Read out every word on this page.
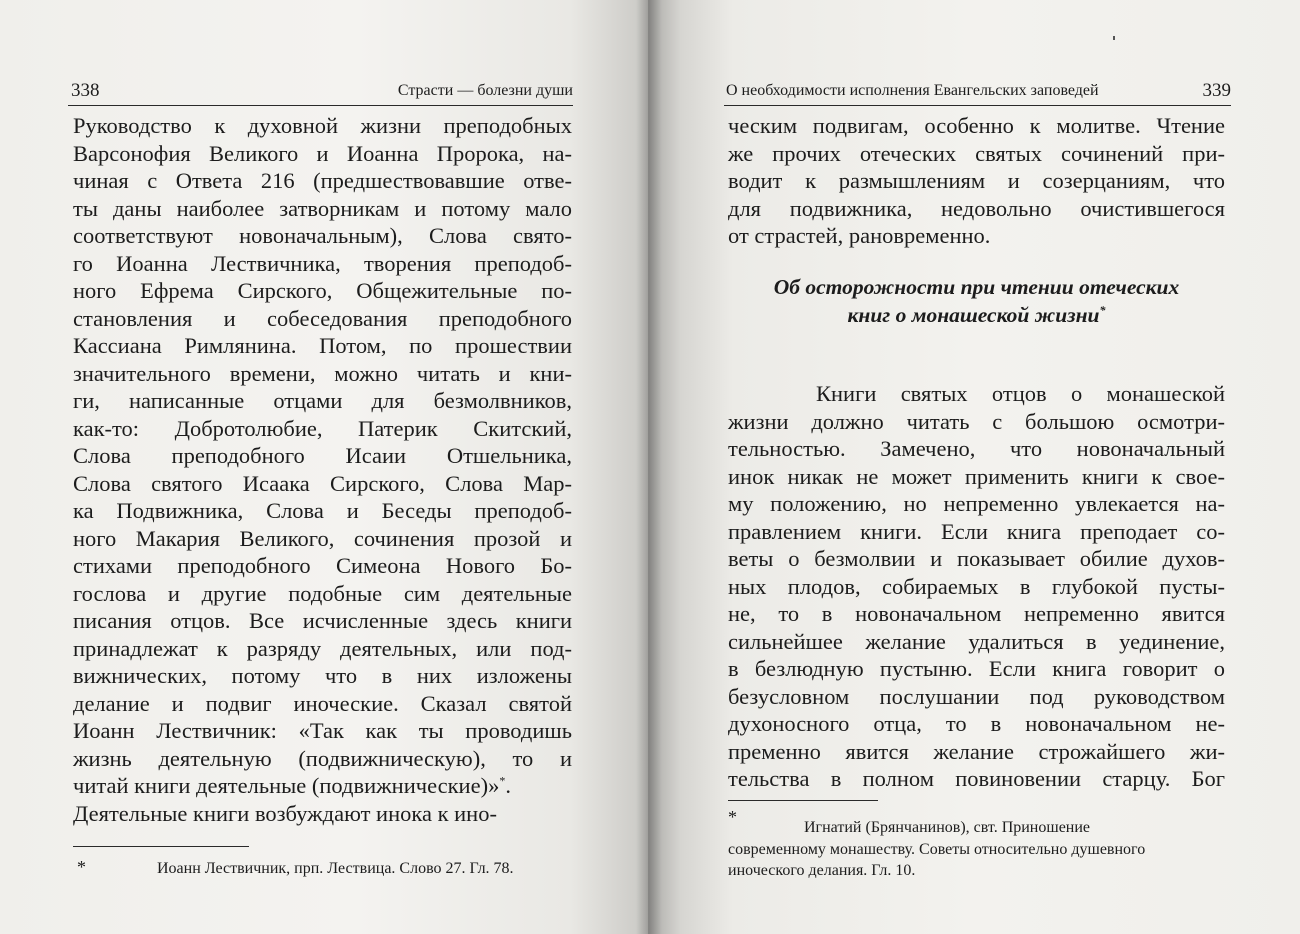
338	Страсти — болезни души
Руководство к духовной жизни преподобных
Варсонофия Великого и Иоанна Пророка, на-
чиная с Ответа 216 (предшествовавшие отве-
ты даны наиболее затворникам и потому мало
соответствуют новоначальным), Слова свято-
го Иоанна Лествичника, творения преподоб-
ного Ефрема Сирского, Общежительные по-
становления и собеседования преподобного
Кассиана Римлянина. Потом, по прошествии
значительного времени, можно читать и кни-
ги, написанные отцами для безмолвников,
как-то: Добротолюбие, Патерик Скитский,
Слова преподобного Исаии Отшельника,
Слова святого Исаака Сирского, Слова Мар-
ка Подвижника, Слова и Беседы преподоб-
ного Макария Великого, сочинения прозой и
стихами преподобного Симеона Нового Бо-
гослова и другие подобные сим деятельные
писания отцов. Все исчисленные здесь книги
принадлежат к разряду деятельных, или под-
вижнических, потому что в них изложены
делание и подвиг иноческие. Сказал святой
Иоанн Лествичник: «Так как ты проводишь
жизнь деятельную (подвижническую), то и
читай книги деятельные (подвижнические)»*.
Деятельные книги возбуждают инока к ино-
*	Иоанн Лествичник, прп. Лествица. Слово 27. Гл. 78.

О необходимости исполнения Евангельских заповедей	339
ческим подвигам, особенно к молитве. Чтение
же прочих отеческих святых сочинений при-
водит к размышлениям и созерцаниям, что
для подвижника, недовольно очистившегося
от страстей, рановременно.
Об осторожности при чтении отеческих
книг о монашеской жизни*
Книги святых отцов о монашеской
жизни должно читать с большою осмотри-
тельностью. Замечено, что новоначальный
инок никак не может применить книги к свое-
му положению, но непременно увлекается на-
правлением книги. Если книга преподает со-
веты о безмолвии и показывает обилие духов-
ных плодов, собираемых в глубокой пусты-
не, то в новоначальном непременно явится
сильнейшее желание удалиться в уединение,
в безлюдную пустыню. Если книга говорит о
безусловном послушании под руководством
духоносного отца, то в новоначальном не-
пременно явится желание строжайшего жи-
тельства в полном повиновении старцу. Бог
*
Игнатий (Брянчанинов), свт. Приношение
современному монашеству. Советы относительно душевного
иноческого делания. Гл. 10.
